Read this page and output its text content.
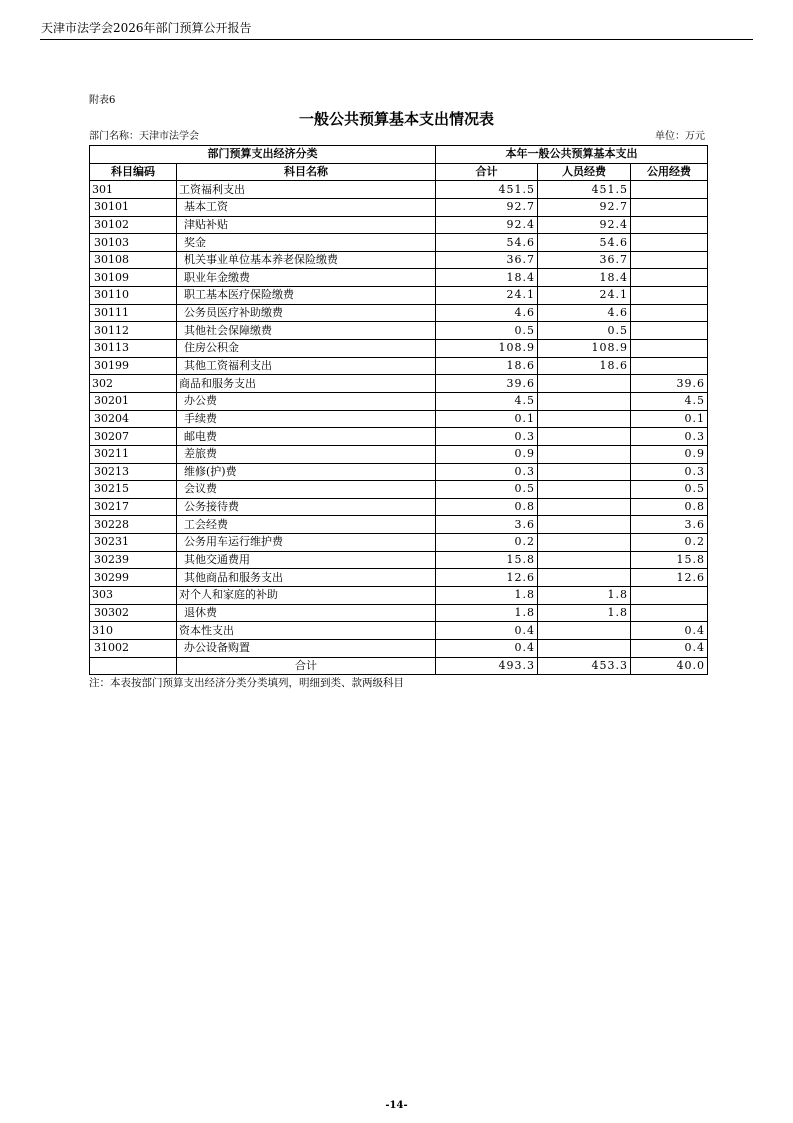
天津市法学会2026年部门预算公开报告
附表6
一般公共预算基本支出情况表
部门名称：天津市法学会	单位：万元
部门预算支出经济分类		本年一般公共预算基本支出		
科目编码	科目名称	合计	人员经费	公用经费
301	工资福利支出	451.5	451.5	
30101	基本工资	92.7	92.7	
30102	津贴补贴	92.4	92.4	
30103	奖金	54.6	54.6	
30108	机关事业单位基本养老保险缴费	36.7	36.7	
30109	职业年金缴费	18.4	18.4	
30110	职工基本医疗保险缴费	24.1	24.1	
30111	公务员医疗补助缴费	4.6	4.6	
30112	其他社会保障缴费	0.5	0.5	
30113	住房公积金	108.9	108.9	
30199	其他工资福利支出	18.6	18.6	
302	商品和服务支出	39.6		39.6
30201	办公费	4.5		4.5
30204	手续费	0.1		0.1
30207	邮电费	0.3		0.3
30211	差旅费	0.9		0.9
30213	维修(护)费	0.3		0.3
30215	会议费	0.5		0.5
30217	公务接待费	0.8		0.8
30228	工会经费	3.6		3.6
30231	公务用车运行维护费	0.2		0.2
30239	其他交通费用	15.8		15.8
30299	其他商品和服务支出	12.6		12.6
303	对个人和家庭的补助	1.8	1.8	
30302	退休费	1.8	1.8	
310	资本性支出	0.4		0.4
31002	办公设备购置	0.4		0.4
	合计	493.3	453.3	40.0
注：本表按部门预算支出经济分类分类填列，明细到类、款两级科目
-14-
